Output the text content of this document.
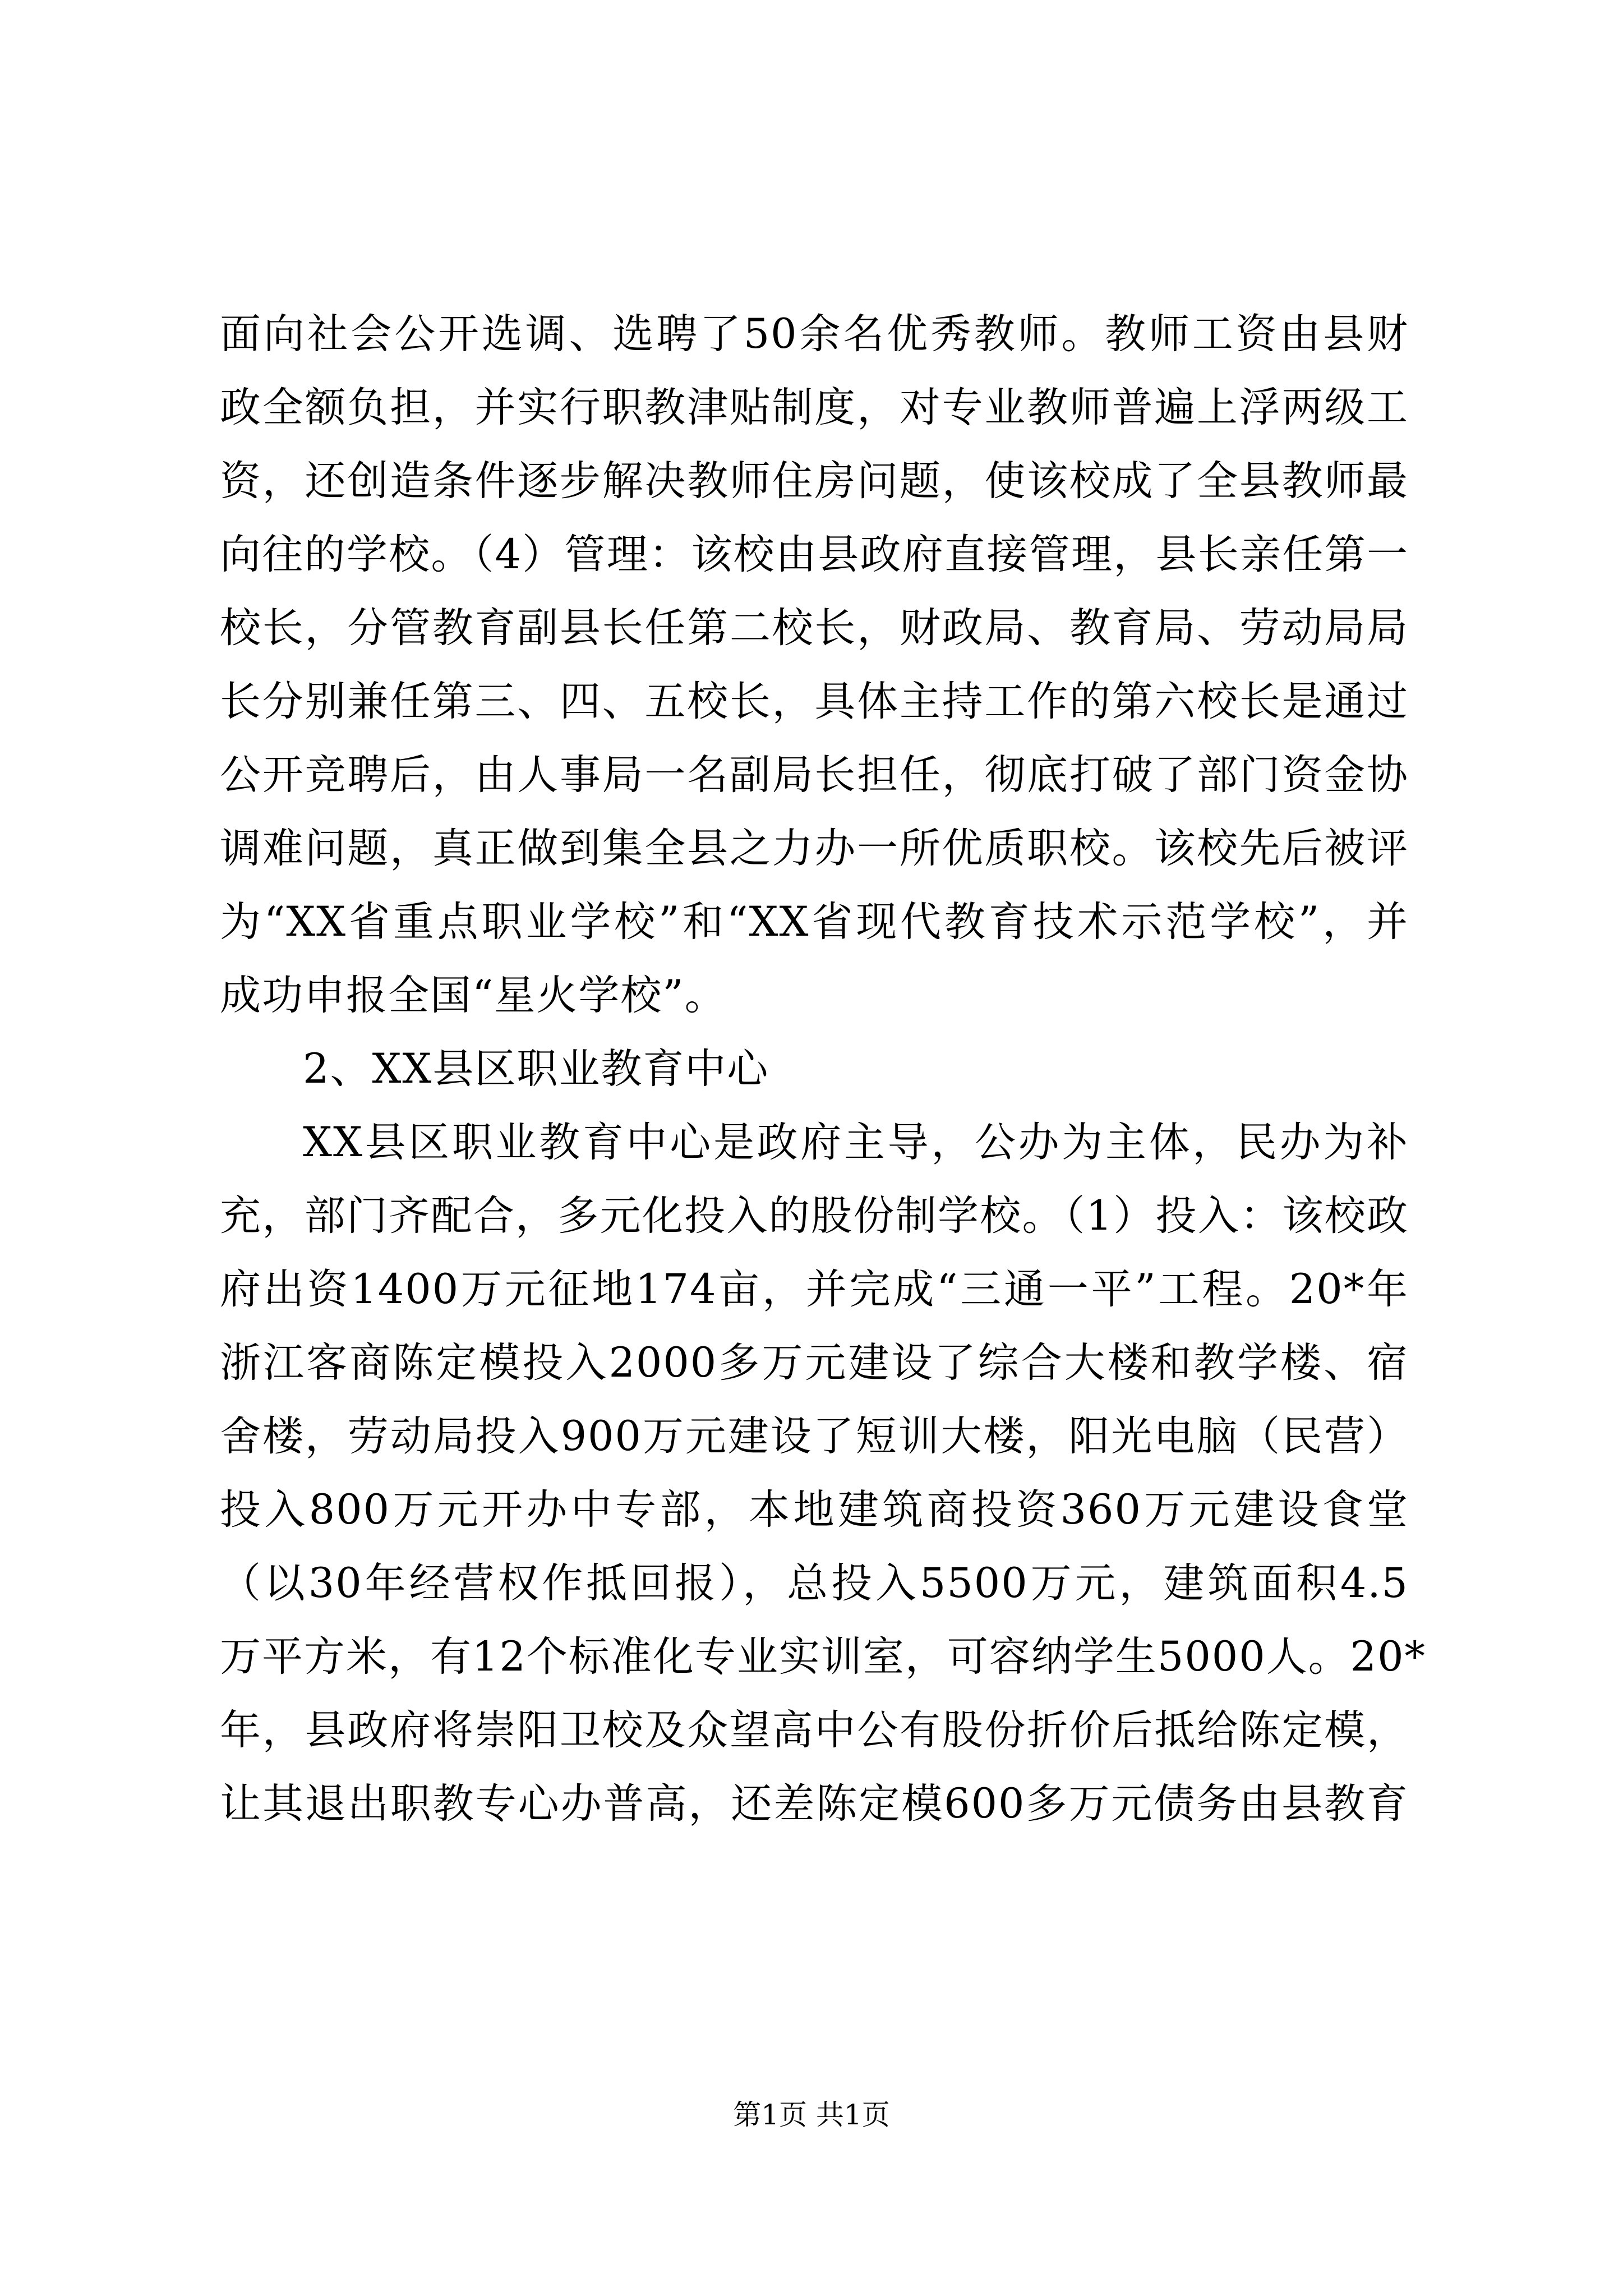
面向社会公开选调、选聘了50余名优秀教师。教师工资由县财
政全额负担，并实行职教津贴制度，对专业教师普遍上浮两级工
资，还创造条件逐步解决教师住房问题，使该校成了全县教师最
向往的学校。（4）管理：该校由县政府直接管理，县长亲任第一
校长，分管教育副县长任第二校长，财政局、教育局、劳动局局
长分别兼任第三、四、五校长，具体主持工作的第六校长是通过
公开竞聘后，由人事局一名副局长担任，彻底打破了部门资金协
调难问题，真正做到集全县之力办一所优质职校。该校先后被评
为“XX省重点职业学校”和“XX省现代教育技术示范学校”，并
成功申报全国“星火学校”。
2、XX县区职业教育中心
XX县区职业教育中心是政府主导，公办为主体，民办为补
充，部门齐配合，多元化投入的股份制学校。（1）投入：该校政
府出资1400万元征地174亩，并完成“三通一平”工程。20*年
浙江客商陈定模投入2000多万元建设了综合大楼和教学楼、宿
舍楼，劳动局投入900万元建设了短训大楼，阳光电脑（民营）
投入800万元开办中专部，本地建筑商投资360万元建设食堂
（以30年经营权作抵回报），总投入5500万元，建筑面积4.5
万平方米，有12个标准化专业实训室，可容纳学生5000人。20*
年，县政府将崇阳卫校及众望高中公有股份折价后抵给陈定模，
让其退出职教专心办普高，还差陈定模600多万元债务由县教育
第1页 共1页
